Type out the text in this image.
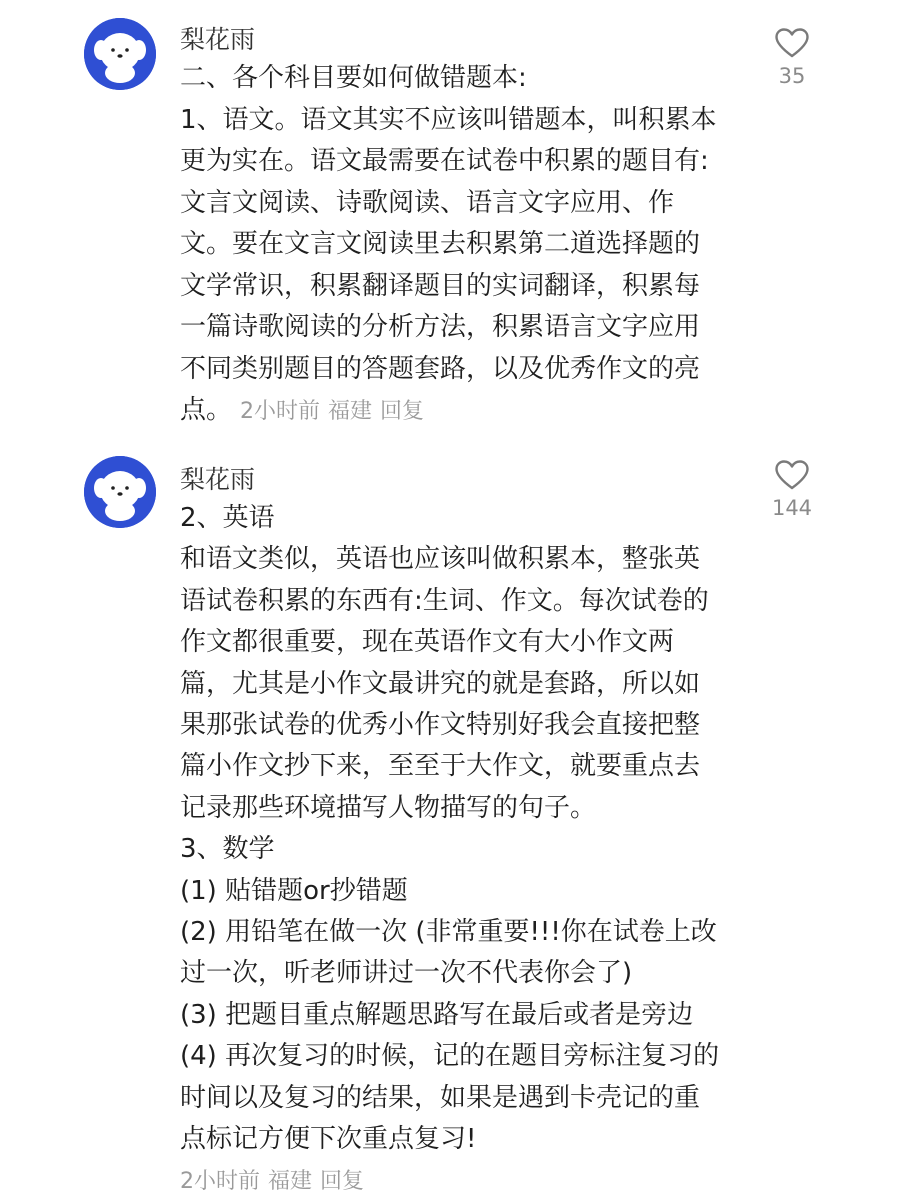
梨花雨
二、各个科目要如何做错题本:
1、语文。语文其实不应该叫错题本，叫积累本
更为实在。语文最需要在试卷中积累的题目有:
文言文阅读、诗歌阅读、语言文字应用、作
文。要在文言文阅读里去积累第二道选择题的
文学常识，积累翻译题目的实词翻译，积累每
一篇诗歌阅读的分析方法，积累语言文字应用
不同类别题目的答题套路，以及优秀作文的亮
点。 2小时前 福建 回复
35
梨花雨
2、英语
和语文类似，英语也应该叫做积累本，整张英
语试卷积累的东西有:生词、作文。每次试卷的
作文都很重要，现在英语作文有大小作文两
篇，尤其是小作文最讲究的就是套路，所以如
果那张试卷的优秀小作文特别好我会直接把整
篇小作文抄下来，至至于大作文，就要重点去
记录那些环境描写人物描写的句子。
3、数学
(1) 贴错题or抄错题
(2) 用铅笔在做一次 (非常重要!!!你在试卷上改
过一次，听老师讲过一次不代表你会了)
(3) 把题目重点解题思路写在最后或者是旁边
(4) 再次复习的时候，记的在题目旁标注复习的
时间以及复习的结果，如果是遇到卡壳记的重
点标记方便下次重点复习!
2小时前 福建 回复
144
